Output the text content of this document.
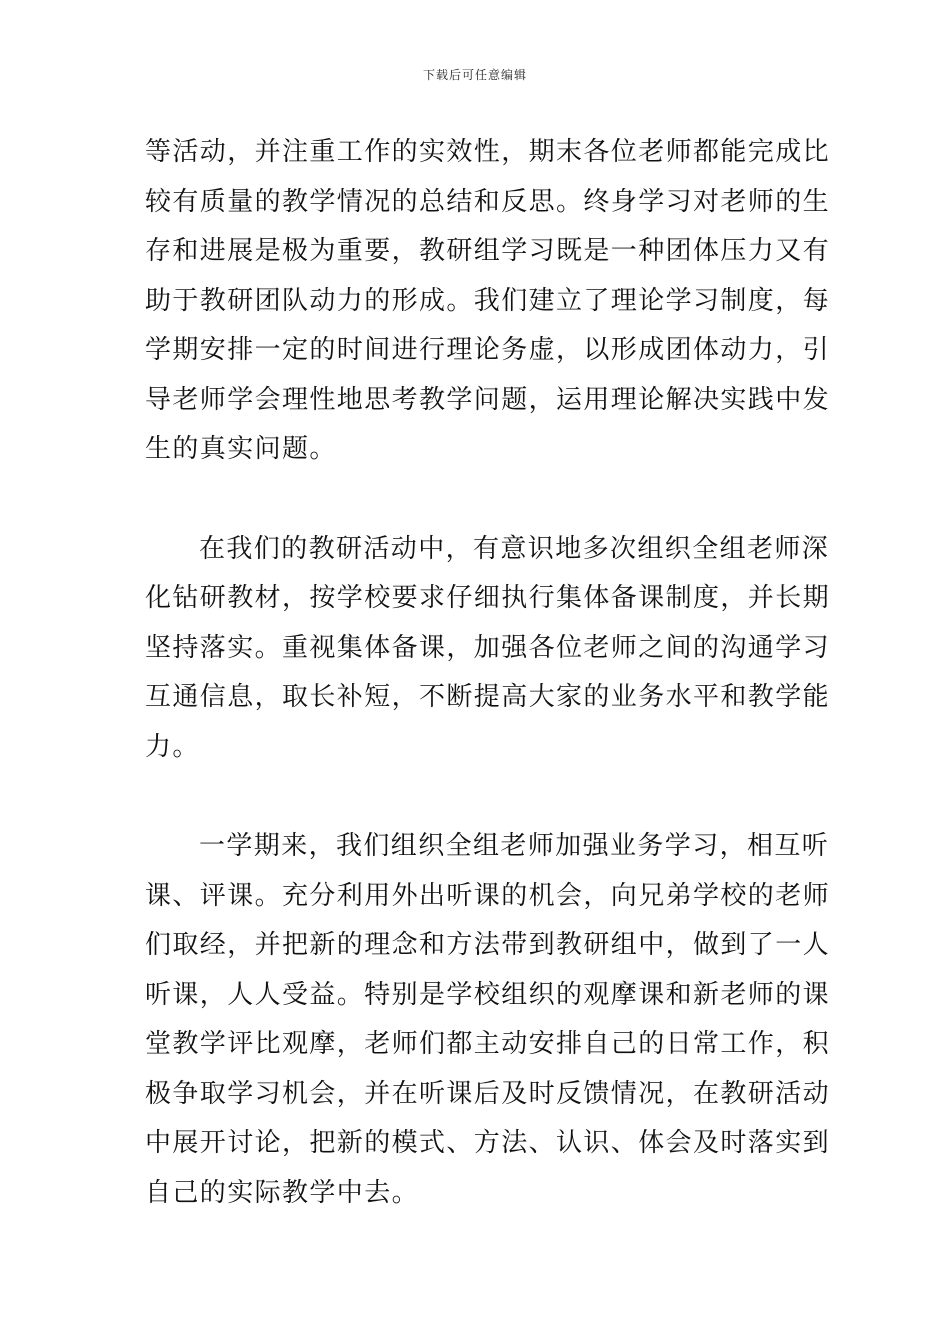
下载后可任意编辑

等活动，并注重工作的实效性，期末各位老师都能完成比
较有质量的教学情况的总结和反思。终身学习对老师的生
存和进展是极为重要，教研组学习既是一种团体压力又有
助于教研团队动力的形成。我们建立了理论学习制度，每
学期安排一定的时间进行理论务虚，以形成团体动力，引
导老师学会理性地思考教学问题，运用理论解决实践中发
生的真实问题。

在我们的教研活动中，有意识地多次组织全组老师深
化钻研教材，按学校要求仔细执行集体备课制度，并长期
坚持落实。重视集体备课，加强各位老师之间的沟通学习
互通信息，取长补短，不断提高大家的业务水平和教学能
力。

一学期来，我们组织全组老师加强业务学习，相互听
课、评课。充分利用外出听课的机会，向兄弟学校的老师
们取经，并把新的理念和方法带到教研组中，做到了一人
听课，人人受益。特别是学校组织的观摩课和新老师的课
堂教学评比观摩，老师们都主动安排自己的日常工作，积
极争取学习机会，并在听课后及时反馈情况，在教研活动
中展开讨论，把新的模式、方法、认识、体会及时落实到
自己的实际教学中去。
